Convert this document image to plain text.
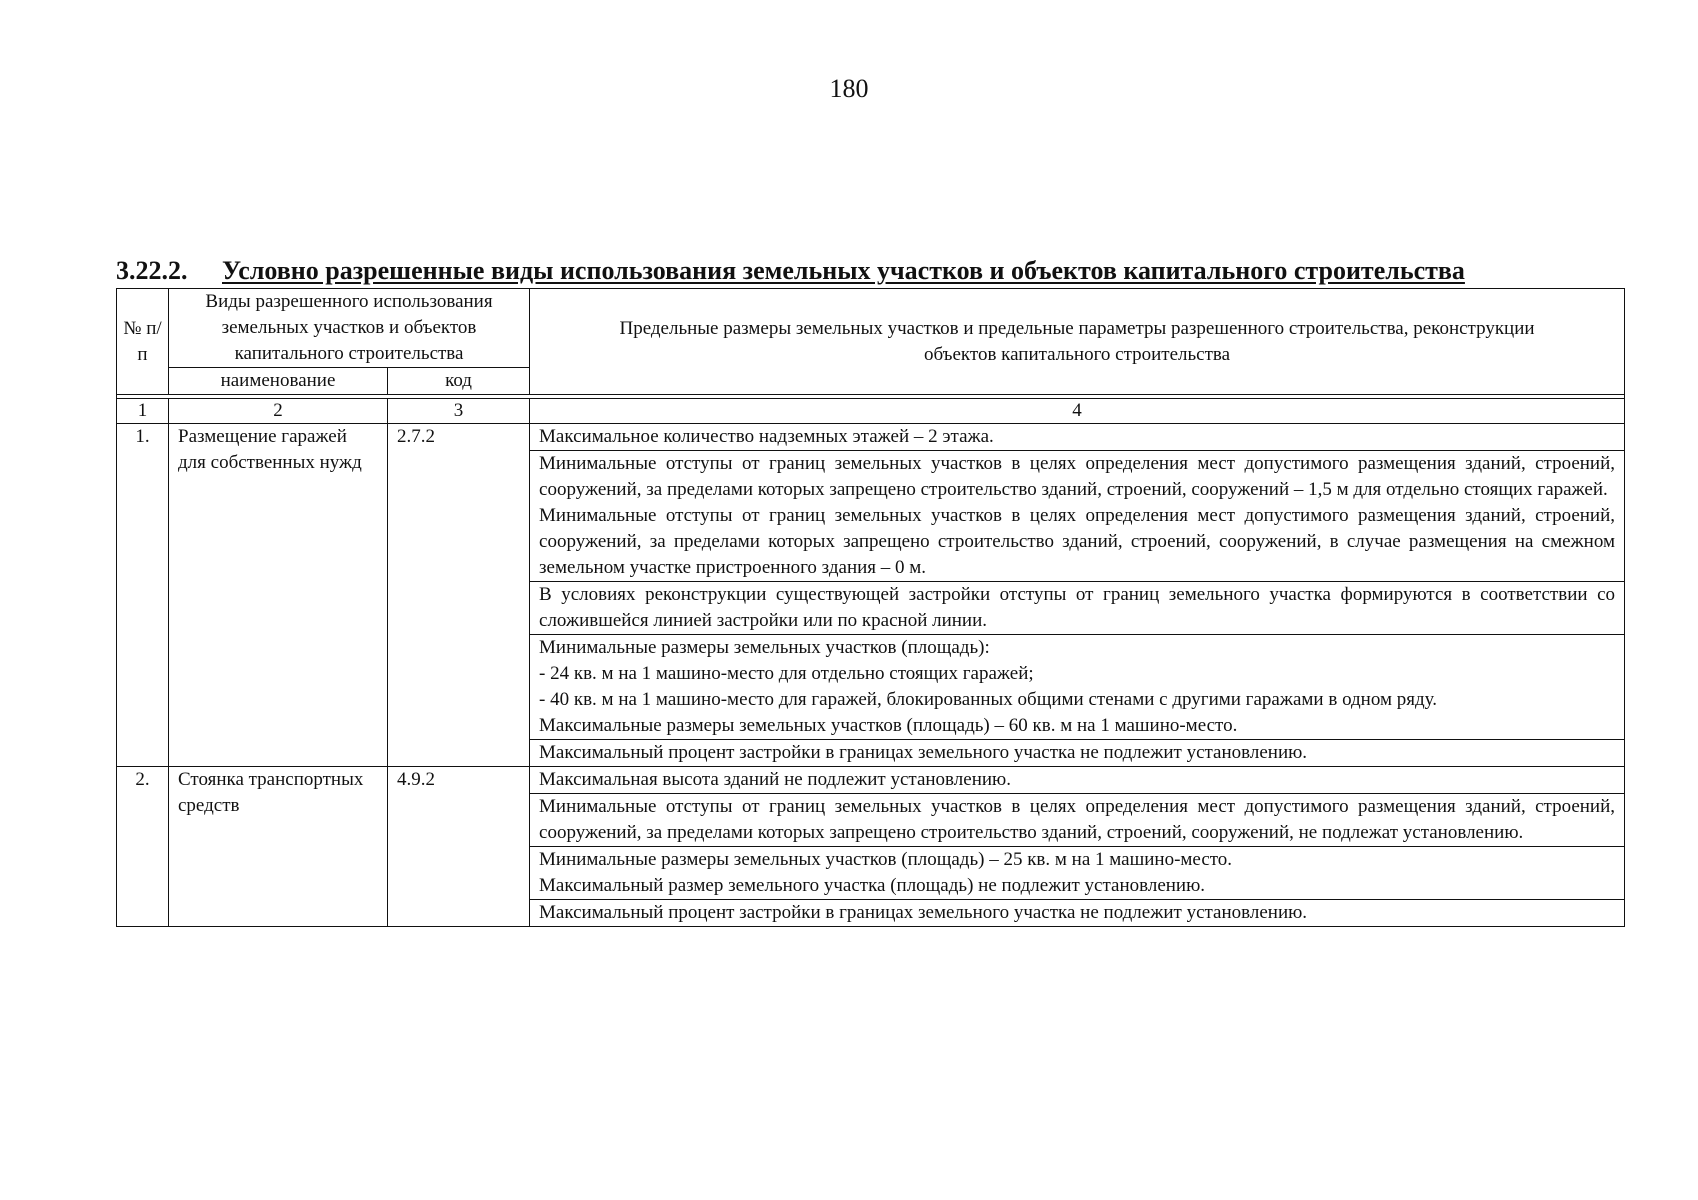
180
3.22.2. Условно разрешенные виды использования земельных участков и объектов капитального строительства
№ п/п	Виды разрешенного использования земельных участков и объектов капитального строительства		Предельные размеры земельных участков и предельные параметры разрешенного строительства, реконструкции объектов капитального строительства
	наименование	код	

1	2	3	4
1.	Размещение гаражей для собственных нужд	2.7.2	Максимальное количество надземных этажей – 2 этажа.

			Минимальные отступы от границ земельных участков в целях определения мест допустимого размещения зданий, строений, сооружений, за пределами которых запрещено строительство зданий, строений, сооружений – 1,5 м для отдельно стоящих гаражей.
Минимальные отступы от границ земельных участков в целях определения мест допустимого размещения зданий, строений, сооружений, за пределами которых запрещено строительство зданий, строений, сооружений, в случае размещения на смежном земельном участке пристроенного здания – 0 м.

			В условиях реконструкции существующей застройки отступы от границ земельного участка формируются в соответствии со сложившейся линией застройки или по красной линии.

			Минимальные размеры земельных участков (площадь):
- 24 кв. м на 1 машино-место для отдельно стоящих гаражей;
- 40 кв. м на 1 машино-место для гаражей, блокированных общими стенами с другими гаражами в одном ряду.
Максимальные размеры земельных участков (площадь) – 60 кв. м на 1 машино-место.

			Максимальный процент застройки в границах земельного участка не подлежит установлению.

2.	Стоянка транспортных средств	4.9.2	Максимальная высота зданий не подлежит установлению.

			Минимальные отступы от границ земельных участков в целях определения мест допустимого размещения зданий, строений, сооружений, за пределами которых запрещено строительство зданий, строений, сооружений, не подлежат установлению.

			Минимальные размеры земельных участков (площадь) – 25 кв. м на 1 машино-место.
Максимальный размер земельного участка (площадь) не подлежит установлению.

			Максимальный процент застройки в границах земельного участка не подлежит установлению.
